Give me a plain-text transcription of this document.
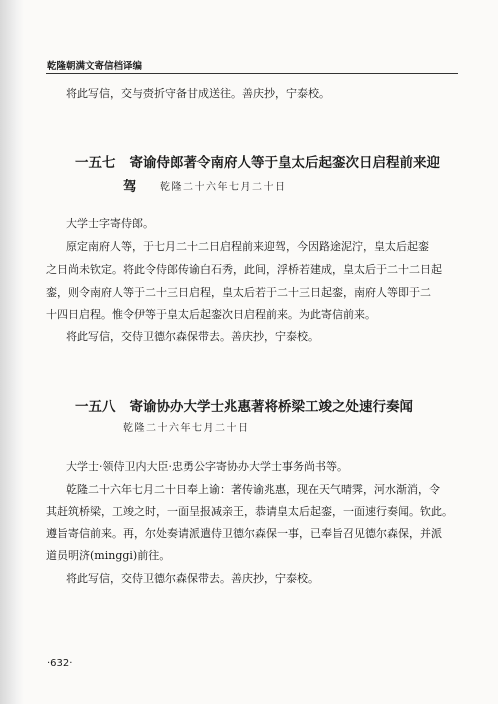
乾隆朝满文寄信档译编
将此写信，交与赍折守备甘成送往。善庆抄，宁泰校。
一五七 寄谕侍郎著令南府人等于皇太后起銮次日启程前来迎
驾 乾隆二十六年七月二十日
大学士字寄侍郎。
原定南府人等，于七月二十二日启程前来迎驾，今因路途泥泞，皇太后起銮
之日尚未钦定。将此令侍郎传谕白石秀，此间，浮桥若建成，皇太后于二十二日起
銮，则令南府人等于二十三日启程，皇太后若于二十三日起銮，南府人等即于二
十四日启程。惟令伊等于皇太后起銮次日启程前来。为此寄信前来。
将此写信，交侍卫德尔森保带去。善庆抄，宁泰校。
一五八 寄谕协办大学士兆惠著将桥梁工竣之处速行奏闻
乾隆二十六年七月二十日
大学士·领侍卫内大臣·忠勇公字寄协办大学士事务尚书等。
乾隆二十六年七月二十日奉上谕：著传谕兆惠，现在天气晴霁，河水渐消，令
其赶筑桥梁，工竣之时，一面呈报减亲王，恭请皇太后起銮，一面速行奏闻。钦此。
遵旨寄信前来。再，尔处奏请派遣侍卫德尔森保一事，已奉旨召见德尔森保，并派
道员明济(minggi)前往。
将此写信，交侍卫德尔森保带去。善庆抄，宁泰校。
·632·
